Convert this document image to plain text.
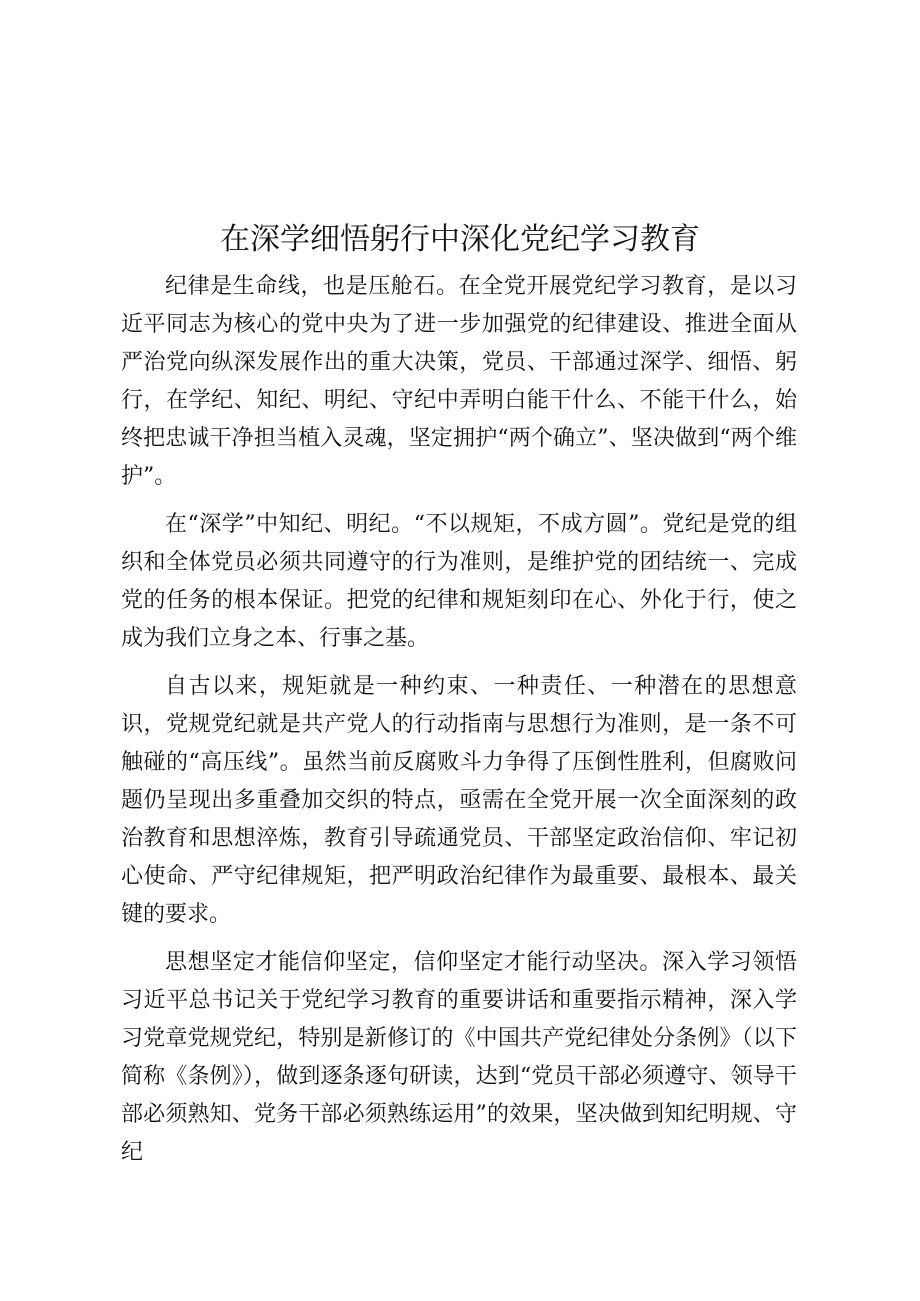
在深学细悟躬行中深化党纪学习教育

纪律是生命线，也是压舱石。在全党开展党纪学习教育，是以习近平同志为核心的党中央为了进一步加强党的纪律建设、推进全面从严治党向纵深发展作出的重大决策，党员、干部通过深学、细悟、躬行，在学纪、知纪、明纪、守纪中弄明白能干什么、不能干什么，始终把忠诚干净担当植入灵魂，坚定拥护“两个确立”、坚决做到“两个维护”。

在“深学”中知纪、明纪。“不以规矩，不成方圆”。党纪是党的组织和全体党员必须共同遵守的行为准则，是维护党的团结统一、完成党的任务的根本保证。把党的纪律和规矩刻印在心、外化于行，使之成为我们立身之本、行事之基。

自古以来，规矩就是一种约束、一种责任、一种潜在的思想意识，党规党纪就是共产党人的行动指南与思想行为准则，是一条不可触碰的“高压线”。虽然当前反腐败斗力争得了压倒性胜利，但腐败问题仍呈现出多重叠加交织的特点，亟需在全党开展一次全面深刻的政治教育和思想淬炼，教育引导疏通党员、干部坚定政治信仰、牢记初心使命、严守纪律规矩，把严明政治纪律作为最重要、最根本、最关键的要求。

思想坚定才能信仰坚定，信仰坚定才能行动坚决。深入学习领悟习近平总书记关于党纪学习教育的重要讲话和重要指示精神，深入学习党章党规党纪，特别是新修订的《中国共产党纪律处分条例》（以下简称《条例》），做到逐条逐句研读，达到“党员干部必须遵守、领导干部必须熟知、党务干部必须熟练运用”的效果，坚决做到知纪明规、守纪
